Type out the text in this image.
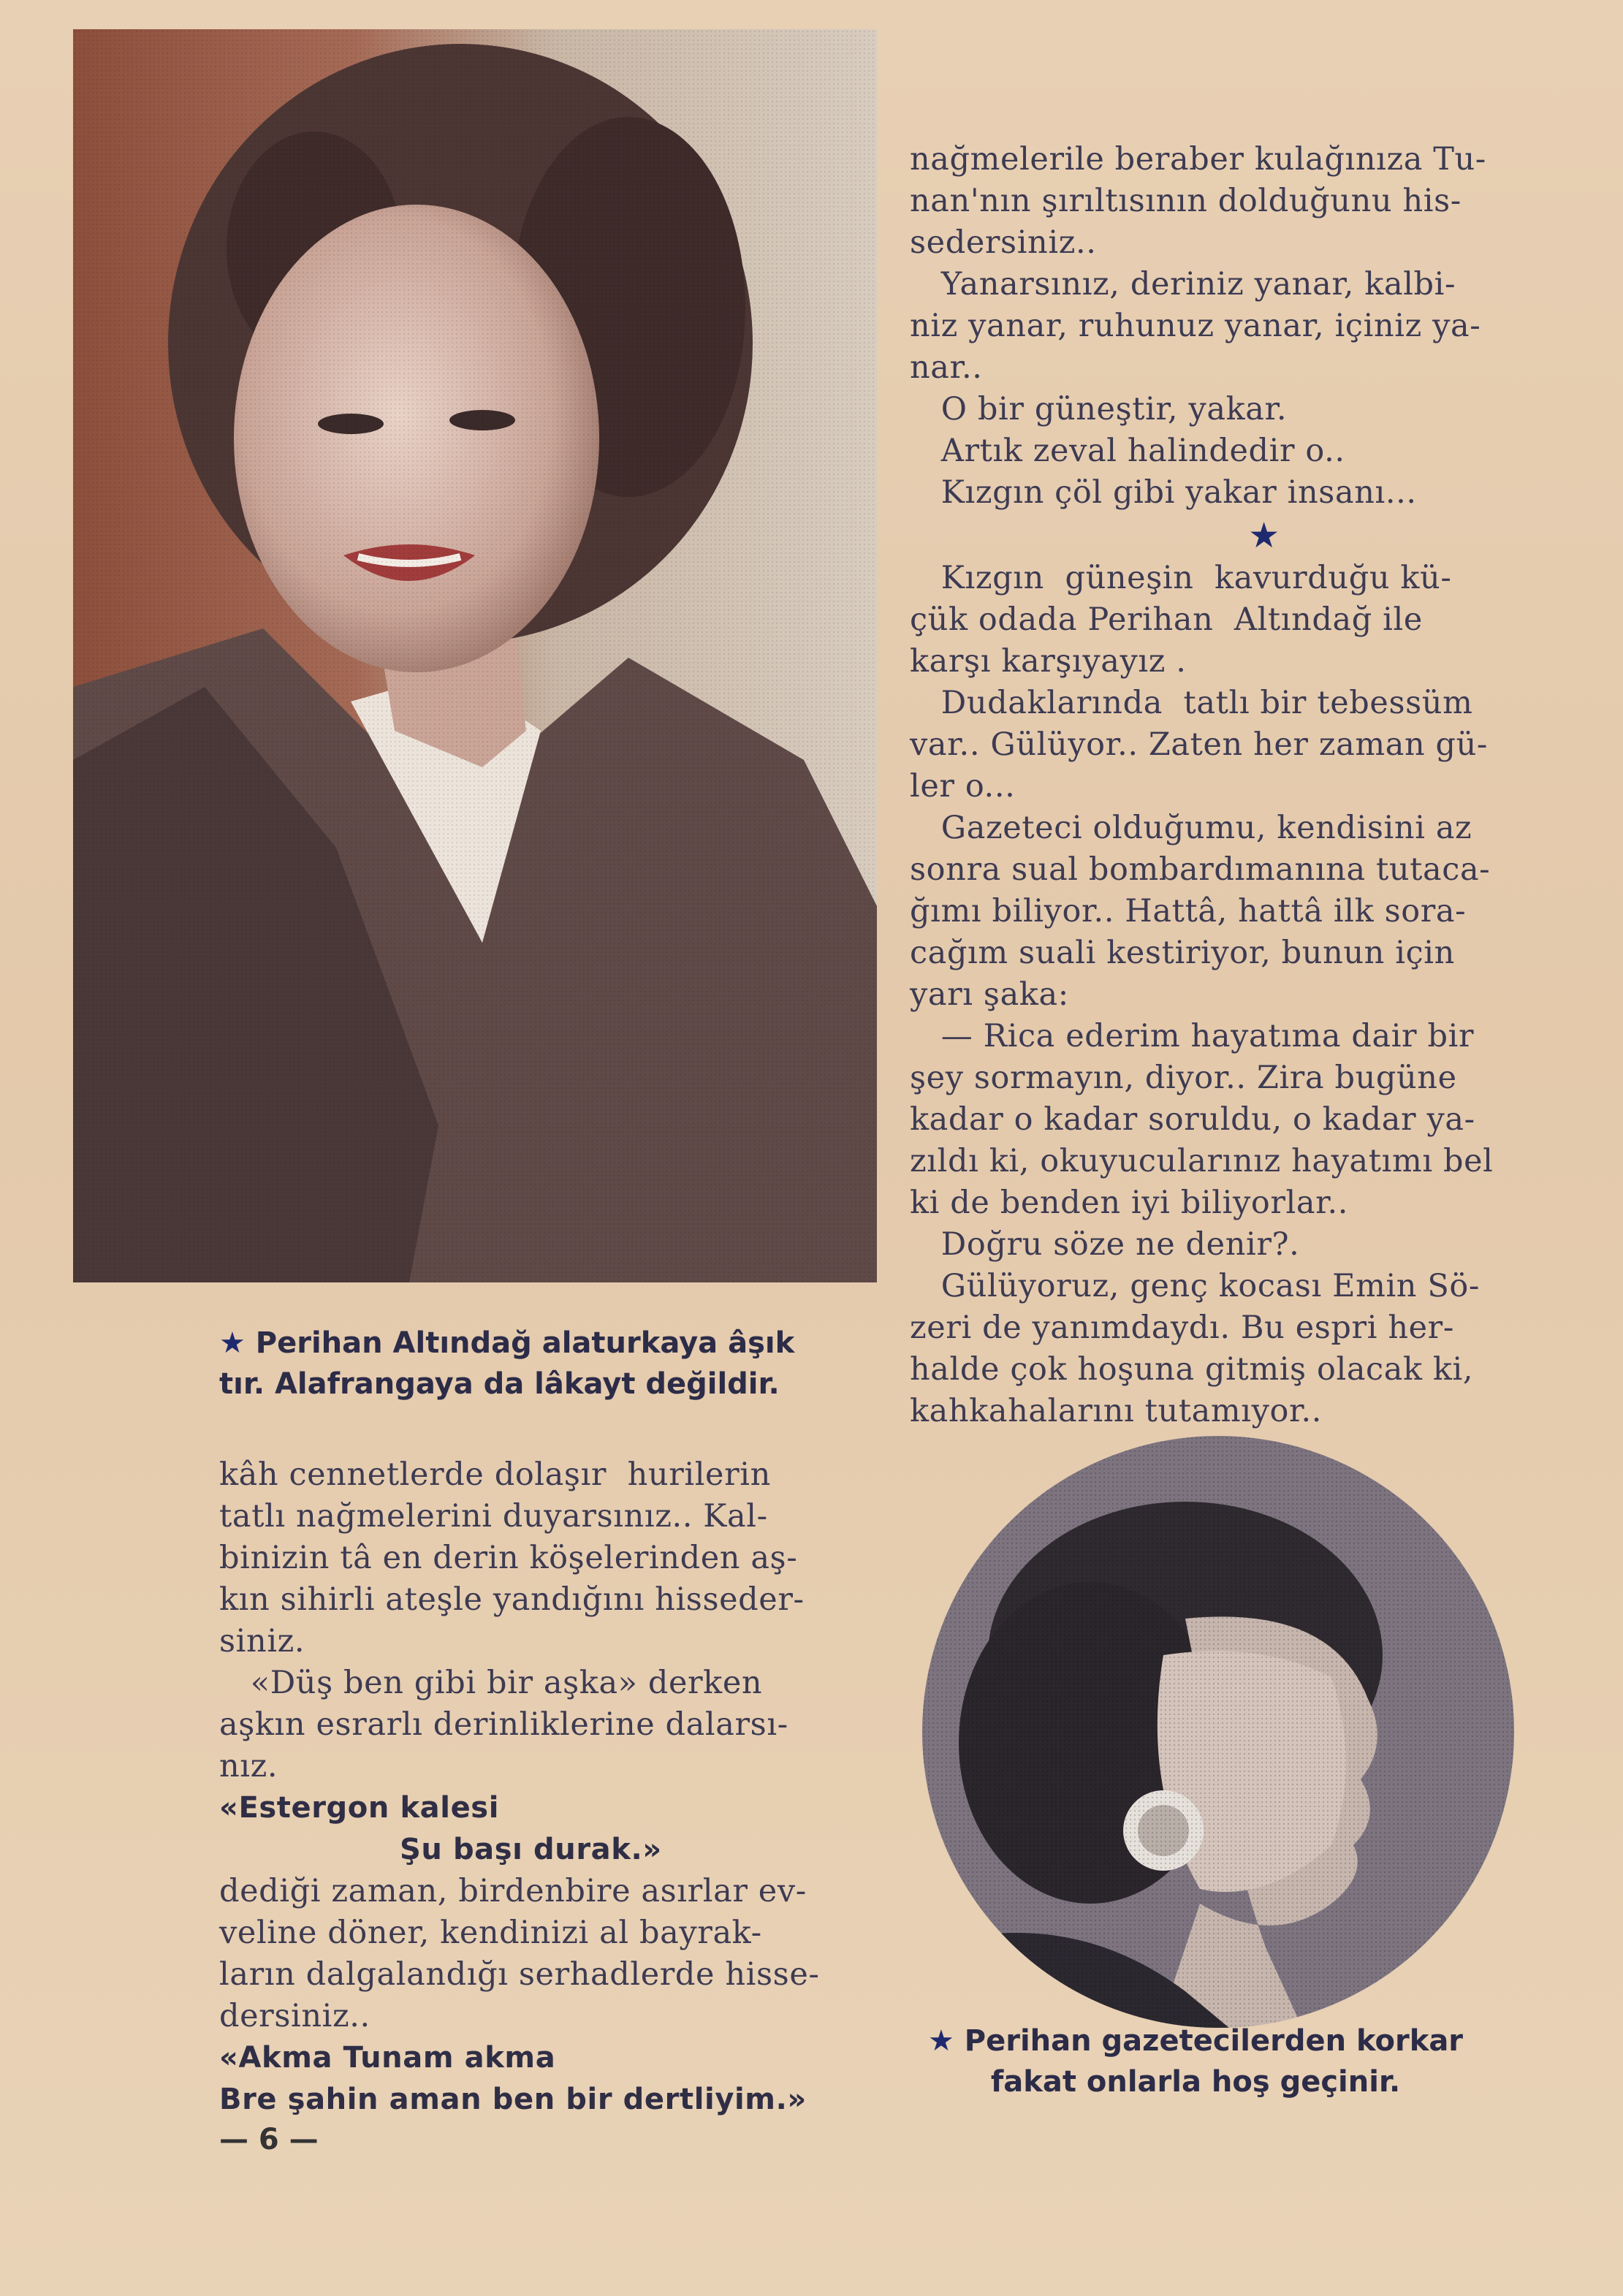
★ Perihan Altındağ alaturkaya âşık
tır. Alafrangaya da lâkayt değildir.

nağmelerile beraber kulağınıza Tu-

nan'nın şırıltısının dolduğunu his-

sedersiniz..

Yanarsınız, deriniz yanar, kalbi-

niz yanar, ruhunuz yanar, içiniz ya-

nar..

O bir güneştir, yakar.

Artık zeval halindedir o..

Kızgın çöl gibi yakar insanı...

★

Kızgın  güneşin  kavurduğu kü-

çük odada Perihan  Altındağ ile

karşı karşıyayız .

Dudaklarında  tatlı bir tebessüm

var.. Gülüyor.. Zaten her zaman gü-

ler o...

Gazeteci olduğumu, kendisini az

sonra sual bombardımanına tutaca-

ğımı biliyor.. Hattâ, hattâ ilk sora-

cağım suali kestiriyor, bunun için

yarı şaka:

— Rica ederim hayatıma dair bir

şey sormayın, diyor.. Zira bugüne

kadar o kadar soruldu, o kadar ya-

zıldı ki, okuyucularınız hayatımı bel

ki de benden iyi biliyorlar..

Doğru söze ne denir?.

Gülüyoruz, genç kocası Emin Sö-

zeri de yanımdaydı. Bu espri her-

halde çok hoşuna gitmiş olacak ki,

kahkahalarını tutamıyor..

kâh cennetlerde dolaşır  hurilerin

tatlı nağmelerini duyarsınız.. Kal-

binizin tâ en derin köşelerinden aş-

kın sihirli ateşle yandığını hisseder-

siniz.

«Düş ben gibi bir aşka» derken

aşkın esrarlı derinliklerine dalarsı-

nız.

«Estergon kalesi

Şu başı durak.»

dediği zaman, birdenbire asırlar ev-

veline döner, kendinizi al bayrak-

ların dalgalandığı serhadlerde hisse-

dersiniz..

«Akma Tunam akma

Bre şahin aman ben bir dertliyim.»

— 6 —
★ Perihan gazetecilerden korkar
fakat onlarla hoş geçinir.
